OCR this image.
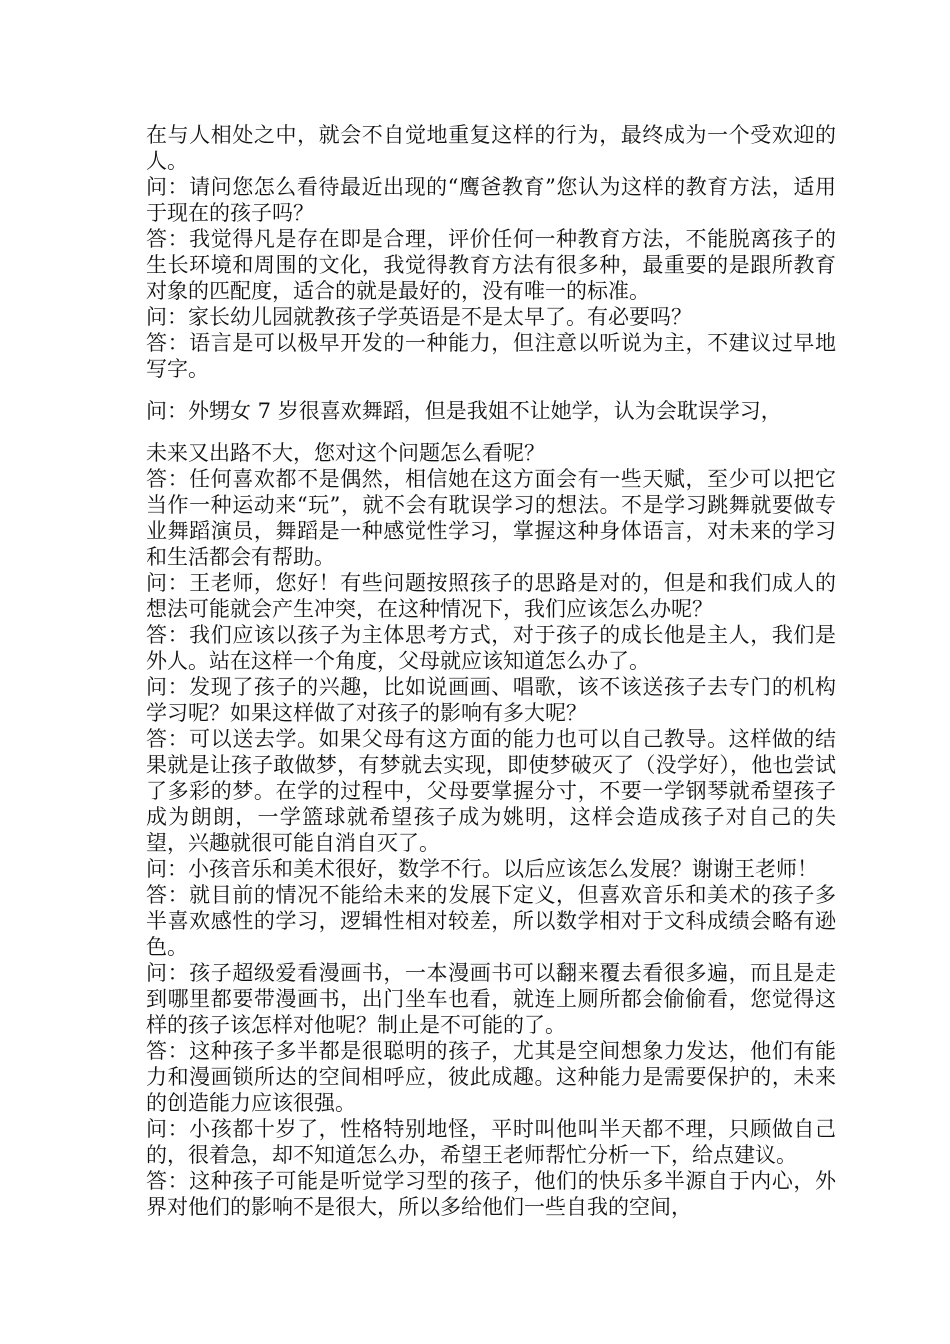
在与人相处之中，就会不自觉地重复这样的行为，最终成为一个受欢迎的人。

问：请问您怎么看待最近出现的“鹰爸教育”您认为这样的教育方法，适用于现在的孩子吗？

答：我觉得凡是存在即是合理，评价任何一种教育方法，不能脱离孩子的生长环境和周围的文化，我觉得教育方法有很多种，最重要的是跟所教育对象的匹配度，适合的就是最好的，没有唯一的标准。

问：家长幼儿园就教孩子学英语是不是太早了。有必要吗？

答：语言是可以极早开发的一种能力，但注意以听说为主，不建议过早地写字。

问：外甥女 7 岁很喜欢舞蹈，但是我姐不让她学，认为会耽误学习，

未来又出路不大，您对这个问题怎么看呢？

答：任何喜欢都不是偶然，相信她在这方面会有一些天赋，至少可以把它当作一种运动来“玩”，就不会有耽误学习的想法。不是学习跳舞就要做专业舞蹈演员，舞蹈是一种感觉性学习，掌握这种身体语言，对未来的学习和生活都会有帮助。

问：王老师，您好！有些问题按照孩子的思路是对的，但是和我们成人的想法可能就会产生冲突，在这种情况下，我们应该怎么办呢？

答：我们应该以孩子为主体思考方式，对于孩子的成长他是主人，我们是外人。站在这样一个角度，父母就应该知道怎么办了。

问：发现了孩子的兴趣，比如说画画、唱歌，该不该送孩子去专门的机构学习呢？如果这样做了对孩子的影响有多大呢？

答：可以送去学。如果父母有这方面的能力也可以自己教导。这样做的结果就是让孩子敢做梦，有梦就去实现，即使梦破灭了（没学好），他也尝试了多彩的梦。在学的过程中，父母要掌握分寸，不要一学钢琴就希望孩子成为朗朗，一学篮球就希望孩子成为姚明，这样会造成孩子对自己的失望，兴趣就很可能自消自灭了。

问：小孩音乐和美术很好，数学不行。以后应该怎么发展？谢谢王老师！

答：就目前的情况不能给未来的发展下定义，但喜欢音乐和美术的孩子多半喜欢感性的学习，逻辑性相对较差，所以数学相对于文科成绩会略有逊色。

问：孩子超级爱看漫画书，一本漫画书可以翻来覆去看很多遍，而且是走到哪里都要带漫画书，出门坐车也看，就连上厕所都会偷偷看，您觉得这样的孩子该怎样对他呢？制止是不可能的了。

答：这种孩子多半都是很聪明的孩子，尤其是空间想象力发达，他们有能力和漫画锁所达的空间相呼应，彼此成趣。这种能力是需要保护的，未来的创造能力应该很强。

问：小孩都十岁了，性格特别地怪，平时叫他叫半天都不理，只顾做自己的，很着急，却不知道怎么办，希望王老师帮忙分析一下，给点建议。

答：这种孩子可能是听觉学习型的孩子，他们的快乐多半源自于内心，外界对他们的影响不是很大，所以多给他们一些自我的空间，
